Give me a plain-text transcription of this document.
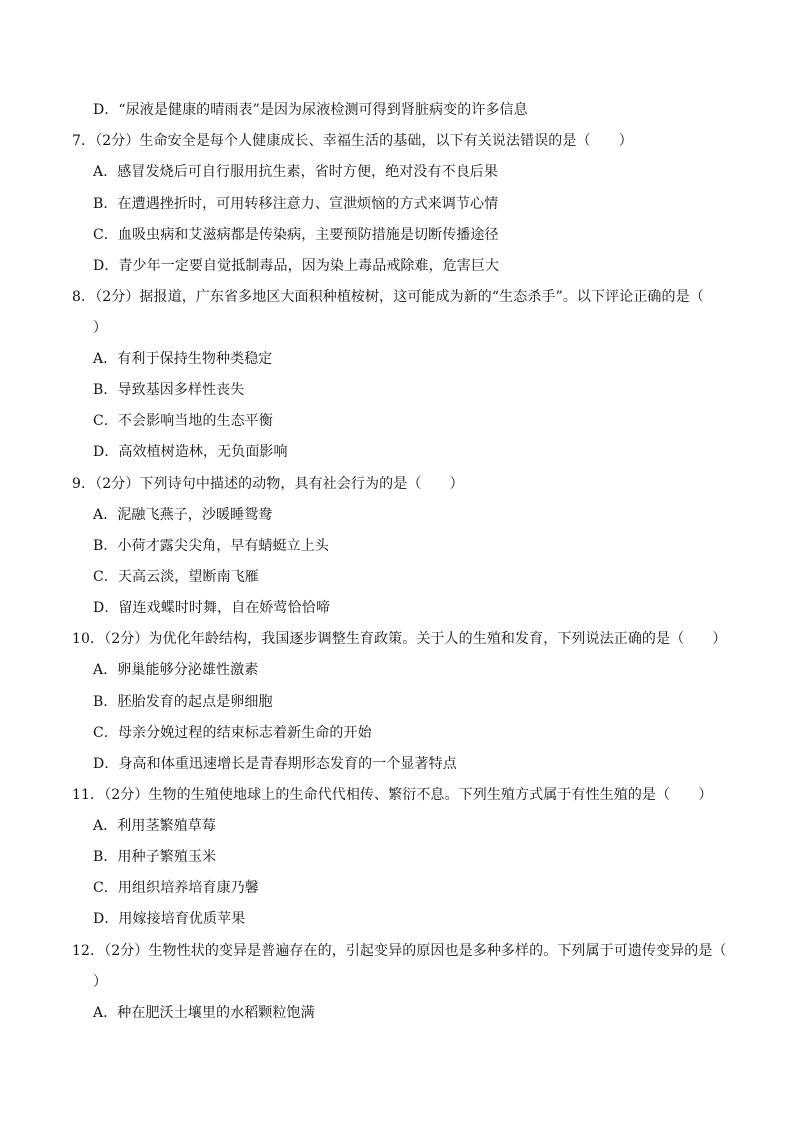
D．“尿液是健康的晴雨表”是因为尿液检测可得到肾脏病变的许多信息
7．（2分）生命安全是每个人健康成长、幸福生活的基础，以下有关说法错误的是（　　）
A．感冒发烧后可自行服用抗生素，省时方便，绝对没有不良后果
B．在遭遇挫折时，可用转移注意力、宣泄烦恼的方式来调节心情
C．血吸虫病和艾滋病都是传染病，主要预防措施是切断传播途径
D．青少年一定要自觉抵制毒品，因为染上毒品戒除难，危害巨大
8．（2分）据报道，广东省多地区大面积种植桉树，这可能成为新的“生态杀手”。以下评论正确的是（
）
A．有利于保持生物种类稳定
B．导致基因多样性丧失
C．不会影响当地的生态平衡
D．高效植树造林，无负面影响
9．（2分）下列诗句中描述的动物，具有社会行为的是（　　）
A．泥融飞燕子，沙暖睡鸳鸯
B．小荷才露尖尖角，早有蜻蜓立上头
C．天高云淡，望断南飞雁
D．留连戏蝶时时舞，自在娇莺恰恰啼
10．（2分）为优化年龄结构，我国逐步调整生育政策。关于人的生殖和发育，下列说法正确的是（　　）
A．卵巢能够分泌雄性激素
B．胚胎发育的起点是卵细胞
C．母亲分娩过程的结束标志着新生命的开始
D．身高和体重迅速增长是青春期形态发育的一个显著特点
11．（2分）生物的生殖使地球上的生命代代相传、繁衍不息。下列生殖方式属于有性生殖的是（　　）
A．利用茎繁殖草莓
B．用种子繁殖玉米
C．用组织培养培育康乃馨
D．用嫁接培育优质苹果
12．（2分）生物性状的变异是普遍存在的，引起变异的原因也是多种多样的。下列属于可遗传变异的是（
）
A．种在肥沃土壤里的水稻颗粒饱满
